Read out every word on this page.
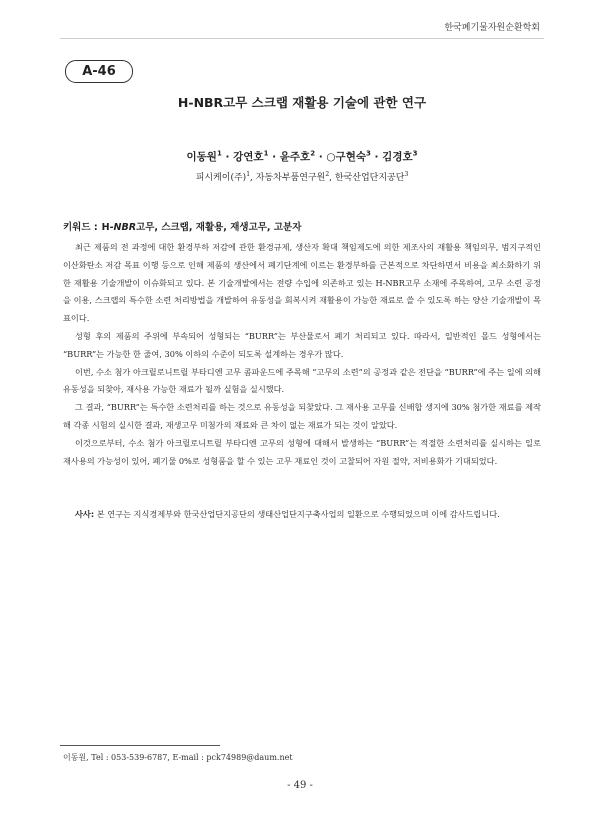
한국폐기물자원순환학회
A-46
H-NBR고무 스크랩 재활용 기술에 관한 연구
이동원$^1$ · 강연호$^1$ · 윤주호$^2$ · ○구현숙$^3$ · 김경호$^3$
피시케이(주)$^1$, 자동차부품연구원$^2$, 한국산업단지공단$^3$
키워드 : H-NBR고무, 스크랩, 재활용, 재생고무, 고분자

최근 제품의 전 과정에 대한 환경부하 저감에 관한 환경규제, 생산자 확대 책임제도에 의한 제조사의 재활용 책임의무, 범지구적인 이산화탄소 저감 목표 이행 등으로 인해 제품의 생산에서 폐기단계에 이르는 환경부하를 근본적으로 차단하면서 비용을 최소화하기 위한 재활용 기술개발이 이슈화되고 있다. 본 기술개발에서는 전량 수입에 의존하고 있는 H-NBR고무 소재에 주목하여, 고무 소련 공정을 이용, 스크랩의 특수한 소련 처리방법을 개발하여 유동성을 회복시켜 재활용이 가능한 재료로 쓸 수 있도록 하는 양산 기술개발이 목표이다.

성형 후의 제품의 주위에 부속되어 성형되는 “BURR”는 부산물로서 폐기 처리되고 있다. 따라서, 일반적인 몰드 성형에서는 “BURR”는 가능한 한 줄여, 30% 이하의 수준이 되도록 설계하는 경우가 많다.

이번, 수소 첨가 아크릴로니트릴 부타디엔 고무 콤파운드에 주목해 “고무의 소련”의 공정과 같은 전단을 “BURR”에 주는 일에 의해 유동성을 되찾아, 재사용 가능한 재료가 될까 실험을 실시했다.

그 결과, “BURR”는 특수한 소련처리를 하는 것으로 유동성을 되찾았다. 그 재사용 고무를 신배합 생지에 30% 첨가한 재료를 제작해 각종 시험의 실시한 결과, 재생고무 미첨가의 재료와 큰 차이 없는 재료가 되는 것이 알았다.

이것으로부터, 수소 첨가 아크릴로니트릴 부타디엔 고무의 성형에 대해서 발생하는 “BURR”는 적절한 소련처리를 실시하는 일로 재사용의 가능성이 있어, 폐기물 0%로 성형품을 할 수 있는 고무 재료인 것이 고찰되어 자원 절약, 저비용화가 기대되었다.

사사: 본 연구는 지식경제부와 한국산업단지공단의 생태산업단지구축사업의 일환으로 수행되었으며 이에 감사드립니다.

이동원, Tel : 053-539-6787, E-mail : pck74989@daum.net
- 49 -
